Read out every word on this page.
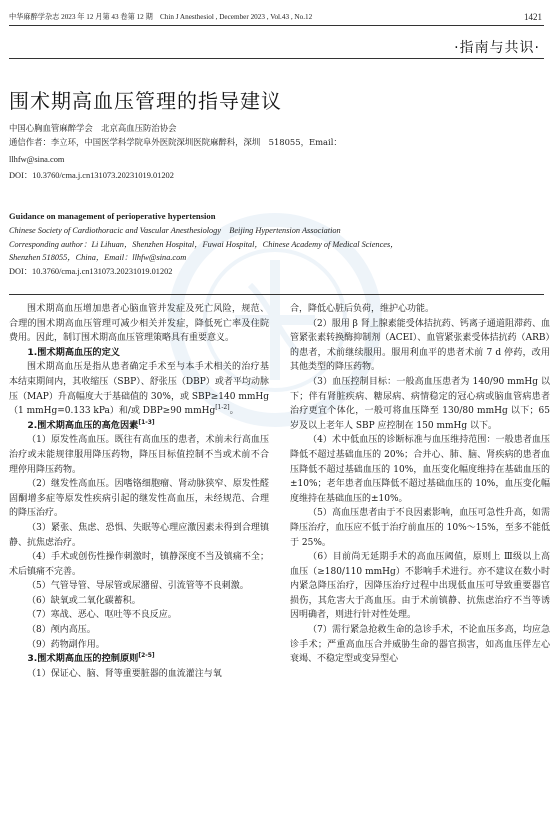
中华麻醉学杂志 2023 年 12 月第 43 卷第 12 期　Chin J Anesthesiol , December 2023 , Vol.43 , No.12	1421
·指南与共识·
围术期高血压管理的指导建议
中国心胸血管麻醉学会　北京高血压防治协会
通信作者：李立环，中国医学科学院阜外医院深圳医院麻醉科，深圳　518055，Email：
llhfw@sina.com
DOI：10.3760/cma.j.cn131073.20231019.01202
Guidance on management of perioperative hypertension
Chinese Society of Cardiothoracic and Vascular Anesthesiology　Beijing Hypertension Association
Corresponding author：Li Lihuan，Shenzhen Hospital，Fuwai Hospital，Chinese Academy of Medical Sciences，
Shenzhen 518055，China，Email：llhfw@sina.com
DOI：10.3760/cma.j.cn131073.20231019.01202

围术期高血压增加患者心脑血管并发症及死亡风险，规范、合理的围术期高血压管理可减少相关并发症，降低死亡率及住院费用。因此，制订围术期高血压管理策略具有重要意义。

1.围术期高血压的定义

围术期高血压是指从患者确定手术至与本手术相关的治疗基本结束期间内，其收缩压（SBP）、舒张压（DBP）或者平均动脉压（MAP）升高幅度大于基础值的 30%，或 SBP≥140 mmHg（1 mmHg=0.133 kPa）和/或 DBP≥90 mmHg[1-2]。

2.围术期高血压的高危因素[1-3]

（1）原发性高血压。既往有高血压的患者，术前未行高血压治疗或未能规律服用降压药物，降压目标值控制不当或术前不合理停用降压药物。

（2）继发性高血压。因嗜铬细胞瘤、肾动脉狭窄、原发性醛固酮增多症等原发性疾病引起的继发性高血压，未经规范、合理的降压治疗。

（3）紧张、焦虑、恐惧、失眠等心理应激因素未得到合理镇静、抗焦虑治疗。

（4）手术或创伤性操作刺激时，镇静深度不当及镇痛不全；术后镇痛不完善。

（5）气管导管、导尿管或尿潴留、引流管等不良刺激。

（6）缺氧或二氧化碳蓄积。

（7）寒战、恶心、呕吐等不良反应。

（8）颅内高压。

（9）药物副作用。

3.围术期高血压的控制原则[2-5]

（1）保证心、脑、肾等重要脏器的血流灌注与氧

合，降低心脏后负荷，维护心功能。

（2）服用 β 肾上腺素能受体拮抗药、钙离子通道阻滞药、血管紧张素转换酶抑制剂（ACEI）、血管紧张素受体拮抗药（ARB）的患者，术前继续服用。服用利血平的患者术前 7 d 停药，改用其他类型的降压药物。

（3）血压控制目标：一般高血压患者为 140/90 mmHg 以下；伴有肾脏疾病、糖尿病、病情稳定的冠心病或脑血管病患者治疗更宜个体化，一般可将血压降至 130/80 mmHg 以下；65 岁及以上老年人 SBP 应控制在 150 mmHg 以下。

（4）术中低血压的诊断标准与血压维持范围：一般患者血压降低不超过基础血压的 20%；合并心、肺、脑、肾疾病的患者血压降低不超过基础血压的 10%，血压变化幅度维持在基础血压的±10%；老年患者血压降低不超过基础血压的 10%，血压变化幅度维持在基础血压的±10%。

（5）高血压患者由于不良因素影响，血压可急性升高，如需降压治疗，血压应不低于治疗前血压的 10%～15%，至多不能低于 25%。

（6）目前尚无延期手术的高血压阈值，原则上 Ⅲ级以上高血压（≥180/110 mmHg）不影响手术进行。亦不建议在数小时内紧急降压治疗，因降压治疗过程中出现低血压可导致重要器官损伤，其危害大于高血压。由于术前镇静、抗焦虑治疗不当等诱因明确者，则进行针对性处理。

（7）需行紧急抢救生命的急诊手术，不论血压多高，均应急诊手术；严重高血压合并威胁生命的器官损害，如高血压伴左心衰竭、不稳定型或变异型心
